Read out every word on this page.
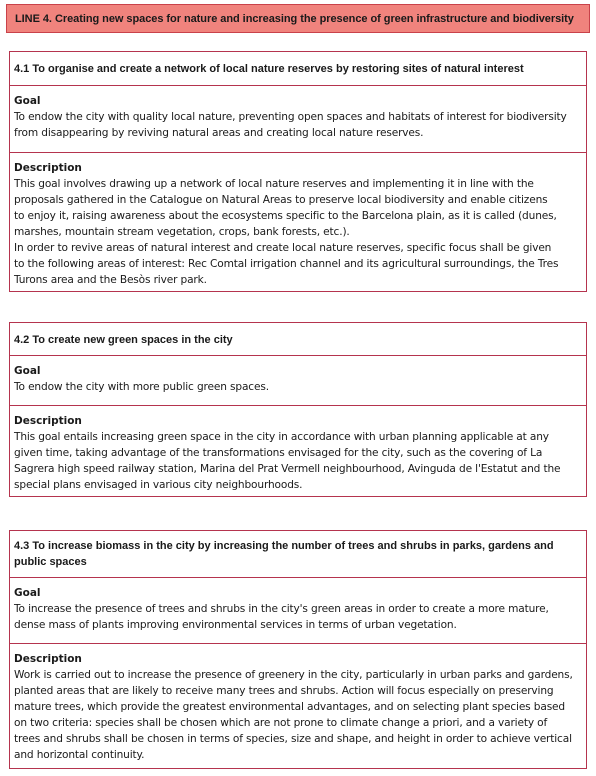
LINE 4. Creating new spaces for nature and increasing the presence of green infrastructure and biodiversity
4.1 To organise and create a network of local nature reserves by restoring sites of natural interest
Goal

To endow the city with quality local nature, preventing open spaces and habitats of interest for biodiversity

from disappearing by reviving natural areas and creating local nature reserves.

Description

This goal involves drawing up a network of local nature reserves and implementing it in line with the

proposals gathered in the Catalogue on Natural Areas to preserve local biodiversity and enable citizens

to enjoy it, raising awareness about the ecosystems specific to the Barcelona plain, as it is called (dunes,

marshes, mountain stream vegetation, crops, bank forests, etc.).

In order to revive areas of natural interest and create local nature reserves, specific focus shall be given

to the following areas of interest: Rec Comtal irrigation channel and its agricultural surroundings, the Tres

Turons area and the Besòs river park.

4.2 To create new green spaces in the city
Goal

To endow the city with more public green spaces.

Description

This goal entails increasing green space in the city in accordance with urban planning applicable at any

given time, taking advantage of the transformations envisaged for the city, such as the covering of La

Sagrera high speed railway station, Marina del Prat Vermell neighbourhood, Avinguda de l'Estatut and the

special plans envisaged in various city neighbourhoods.

4.3 To increase biomass in the city by increasing the number of trees and shrubs in parks, gardens and
public spaces
Goal

To increase the presence of trees and shrubs in the city's green areas in order to create a more mature,

dense mass of plants improving environmental services in terms of urban vegetation.

Description

Work is carried out to increase the presence of greenery in the city, particularly in urban parks and gardens,

planted areas that are likely to receive many trees and shrubs. Action will focus especially on preserving

mature trees, which provide the greatest environmental advantages, and on selecting plant species based

on two criteria: species shall be chosen which are not prone to climate change a priori, and a variety of

trees and shrubs shall be chosen in terms of species, size and shape, and height in order to achieve vertical

and horizontal continuity.
